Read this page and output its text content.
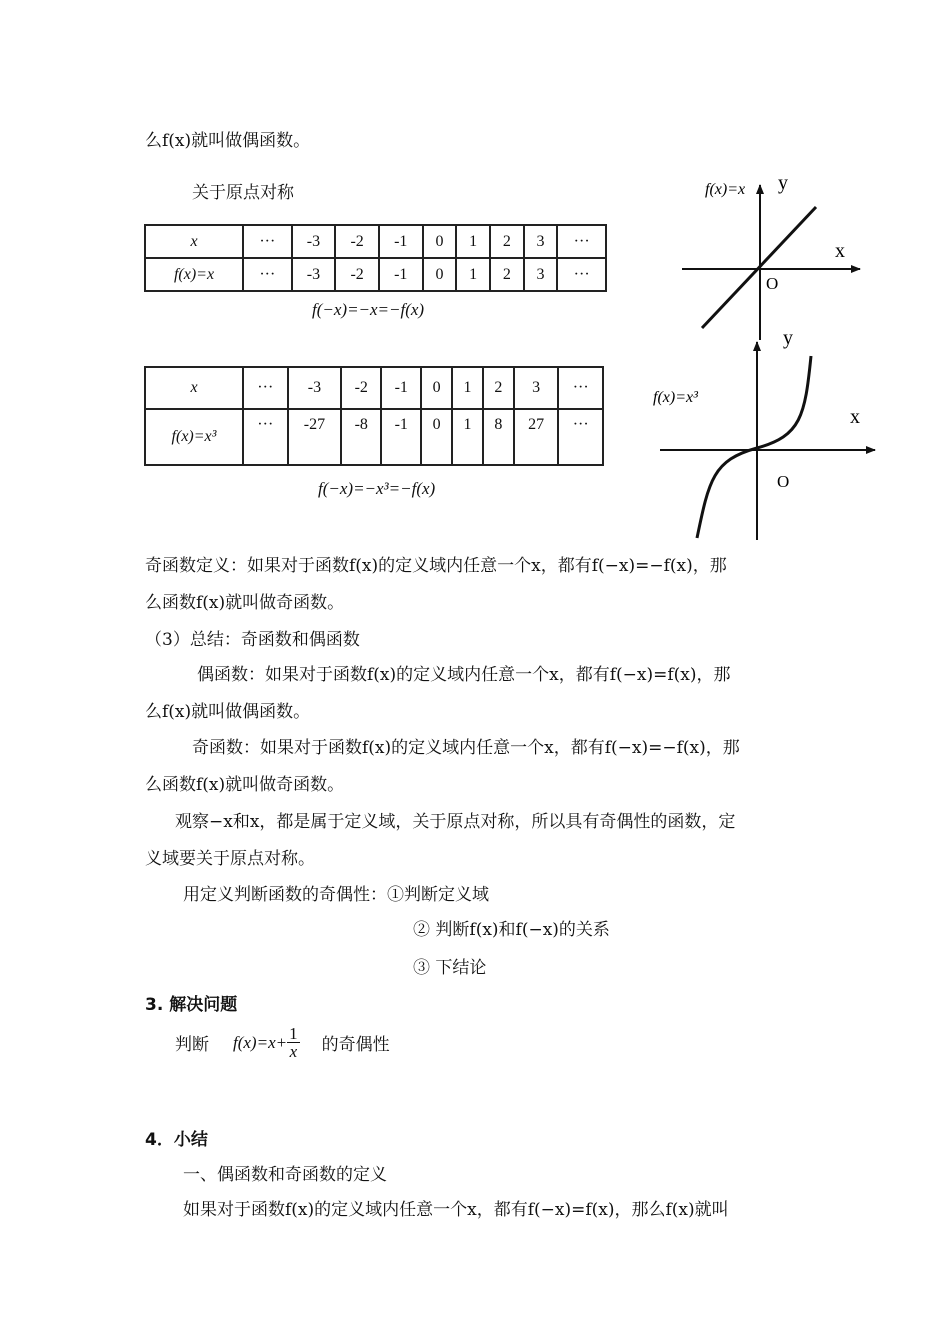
么f(x)就叫做偶函数。
关于原点对称
x	···	-3	-2	-1	0	1	2	3	···
f(x)=x	···	-3	-2	-1	0	1	2	3	···
f(−x)=−x=−f(x)
x	···	-3	-2	-1	0	1	2	3	···
f(x)=x³	···	-27	-8	-1	0	1	8	27	···
f(−x)=−x³=−f(x)
f(x)=x y
x
O
f(x)=x³
y
x
O
奇函数定义：如果对于函数f(x)的定义域内任意一个x，都有f(−x)=−f(x)，那
么函数f(x)就叫做奇函数。
（3）总结：奇函数和偶函数
偶函数：如果对于函数f(x)的定义域内任意一个x，都有f(−x)=f(x)，那
么f(x)就叫做偶函数。
奇函数：如果对于函数f(x)的定义域内任意一个x，都有f(−x)=−f(x)，那
么函数f(x)就叫做奇函数。
观察−x和x，都是属于定义域，关于原点对称，所以具有奇偶性的函数，定
义域要关于原点对称。
用定义判断函数的奇偶性：①判断定义域
② 判断f(x)和f(−x)的关系
③ 下结论
3. 解决问题
判断 $f(x)=x+ \frac{1}{x}$ 的奇偶性
4．小结
一、偶函数和奇函数的定义
如果对于函数f(x)的定义域内任意一个x，都有f(−x)=f(x)，那么f(x)就叫
